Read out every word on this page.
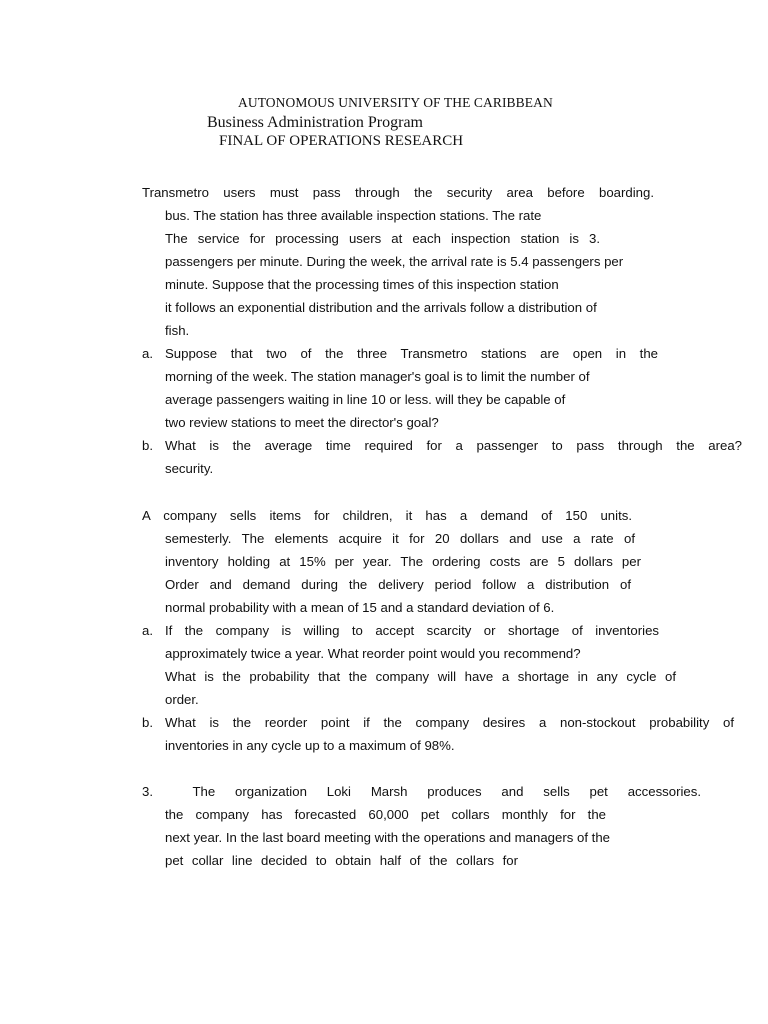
AUTONOMOUS UNIVERSITY OF THE CARIBBEAN
Business Administration Program
FINAL OF OPERATIONS RESEARCH
Transmetro users must pass through the security area before boarding.
bus. The station has three available inspection stations. The rate
The service for processing users at each inspection station is 3.
passengers per minute. During the week, the arrival rate is 5.4 passengers per
minute. Suppose that the processing times of this inspection station
it follows an exponential distribution and the arrivals follow a distribution of
fish.
a. Suppose that two of the three Transmetro stations are open in the
morning of the week. The station manager's goal is to limit the number of
average passengers waiting in line 10 or less. will they be capable of
two review stations to meet the director's goal?
b. What is the average time required for a passenger to pass through the area?
security.
A company sells items for children, it has a demand of 150 units.
semesterly. The elements acquire it for 20 dollars and use a rate of
inventory holding at 15% per year. The ordering costs are 5 dollars per
Order and demand during the delivery period follow a distribution of
normal probability with a mean of 15 and a standard deviation of 6.
a. If the company is willing to accept scarcity or shortage of inventories
approximately twice a year. What reorder point would you recommend?
What is the probability that the company will have a shortage in any cycle of
order.
b. What is the reorder point if the company desires a non-stockout probability of
inventories in any cycle up to a maximum of 98%.
3.  The organization Loki Marsh produces and sells pet accessories.
the company has forecasted 60,000 pet collars monthly for the
next year. In the last board meeting with the operations and managers of the
pet collar line decided to obtain half of the collars for
